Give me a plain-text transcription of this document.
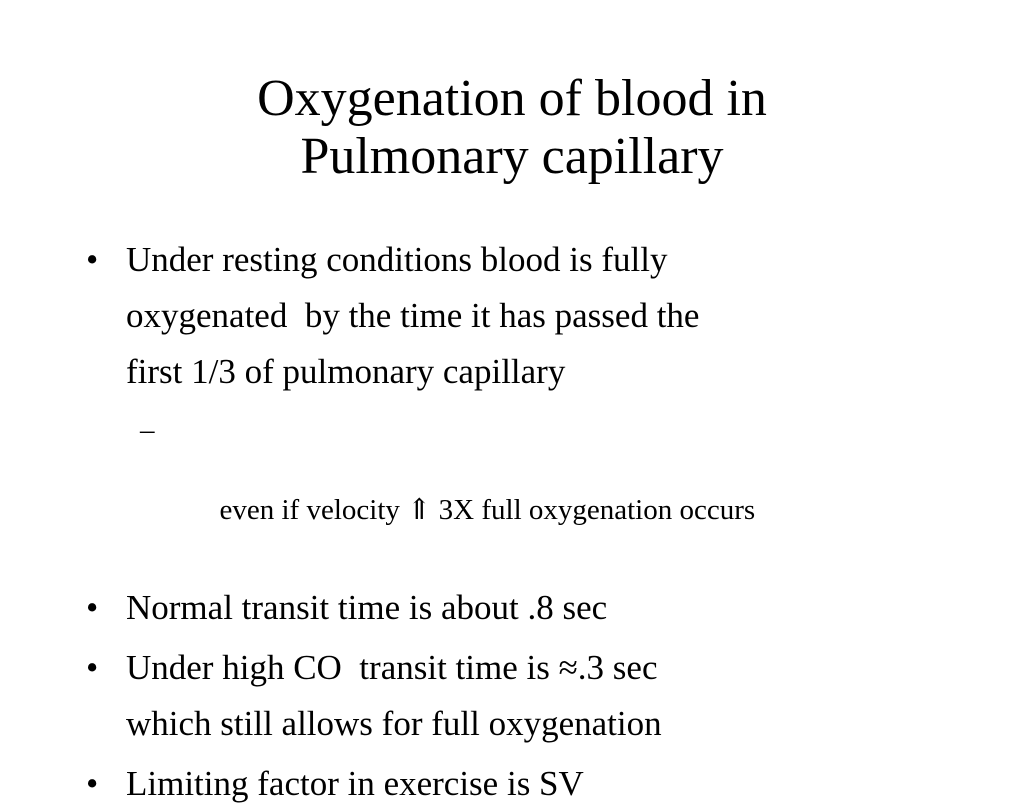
Oxygenation of blood in
Pulmonary capillary
• Under resting conditions blood is fully
oxygenated  by the time it has passed the
first 1/3 of pulmonary capillary

–

even if velocity ⇑ 3X full oxygenation occurs

• Normal transit time is about .8 sec
• Under high CO  transit time is ≈.3 sec
which still allows for full oxygenation
• Limiting factor in exercise is SV
